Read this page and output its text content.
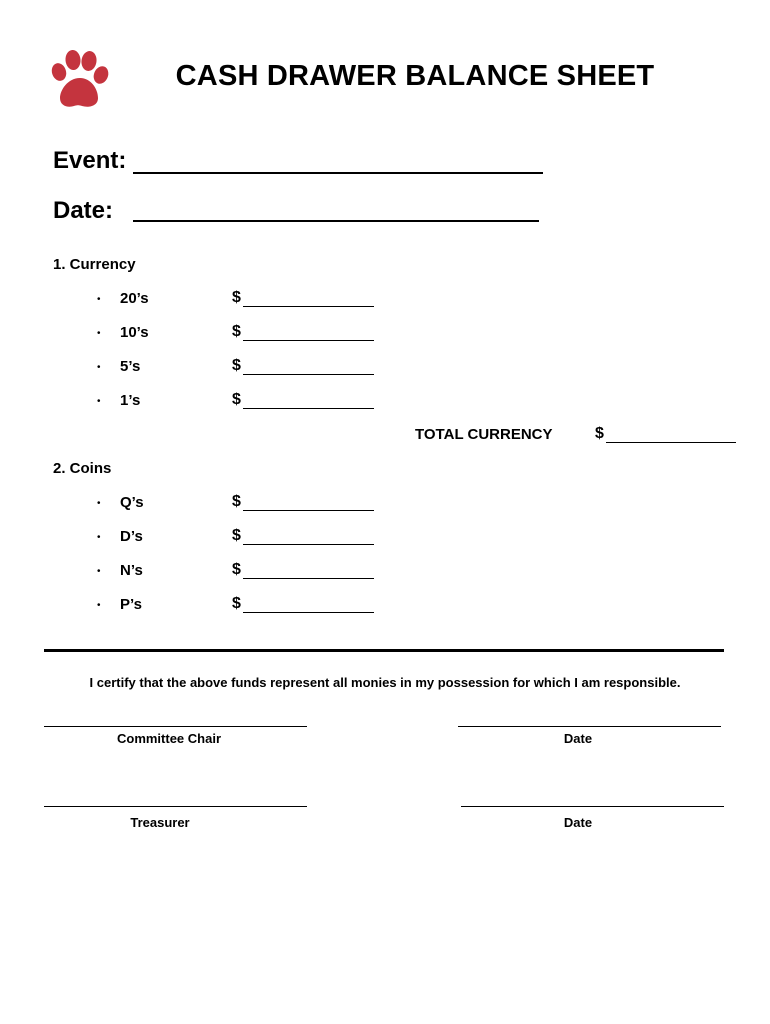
CASH DRAWER BALANCE SHEET
Event:
Date:
1. Currency
• 20’s	$
• 10’s	$
• 5’s	$
• 1’s	$
TOTAL CURRENCY	$
2. Coins
• Q’s	$
• D’s	$
• N’s	$
• P’s	$
I certify that the above funds represent all monies in my possession for which I am responsible.
Committee Chair	Date
Treasurer	Date
